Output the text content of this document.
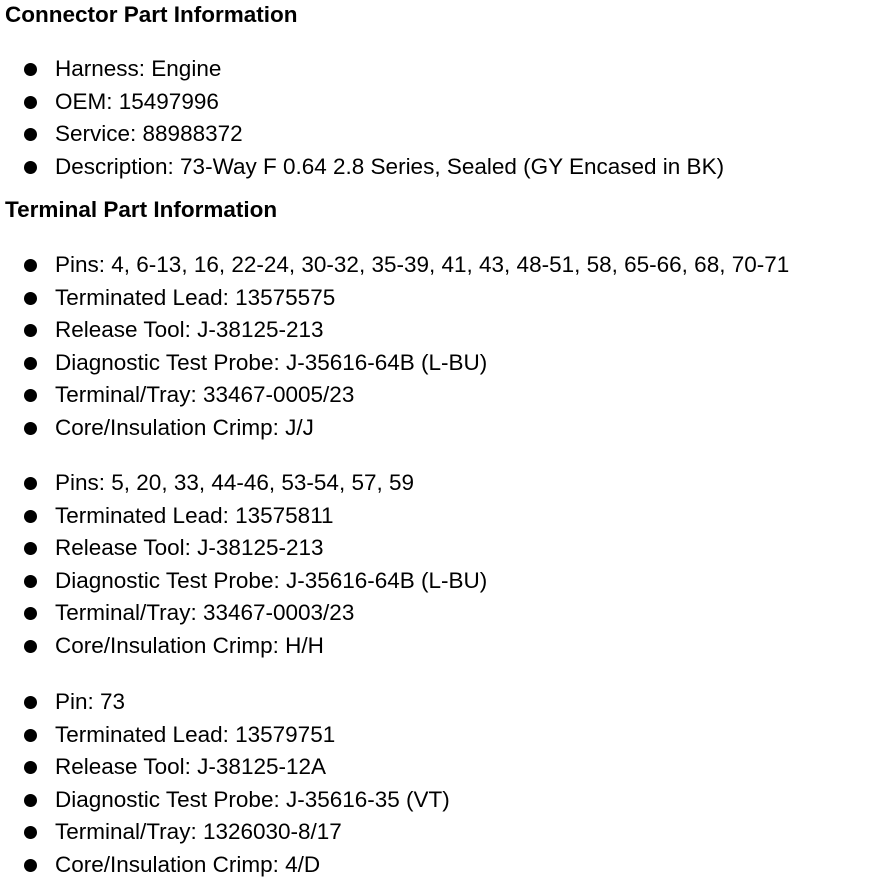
Connector Part Information
Harness: Engine
OEM: 15497996
Service: 88988372
Description: 73-Way F 0.64 2.8 Series, Sealed (GY Encased in BK)
Terminal Part Information
Pins: 4, 6-13, 16, 22-24, 30-32, 35-39, 41, 43, 48-51, 58, 65-66, 68, 70-71
Terminated Lead: 13575575
Release Tool: J-38125-213
Diagnostic Test Probe: J-35616-64B (L-BU)
Terminal/Tray: 33467-0005/23
Core/Insulation Crimp: J/J
Pins: 5, 20, 33, 44-46, 53-54, 57, 59
Terminated Lead: 13575811
Release Tool: J-38125-213
Diagnostic Test Probe: J-35616-64B (L-BU)
Terminal/Tray: 33467-0003/23
Core/Insulation Crimp: H/H
Pin: 73
Terminated Lead: 13579751
Release Tool: J-38125-12A
Diagnostic Test Probe: J-35616-35 (VT)
Terminal/Tray: 1326030-8/17
Core/Insulation Crimp: 4/D
